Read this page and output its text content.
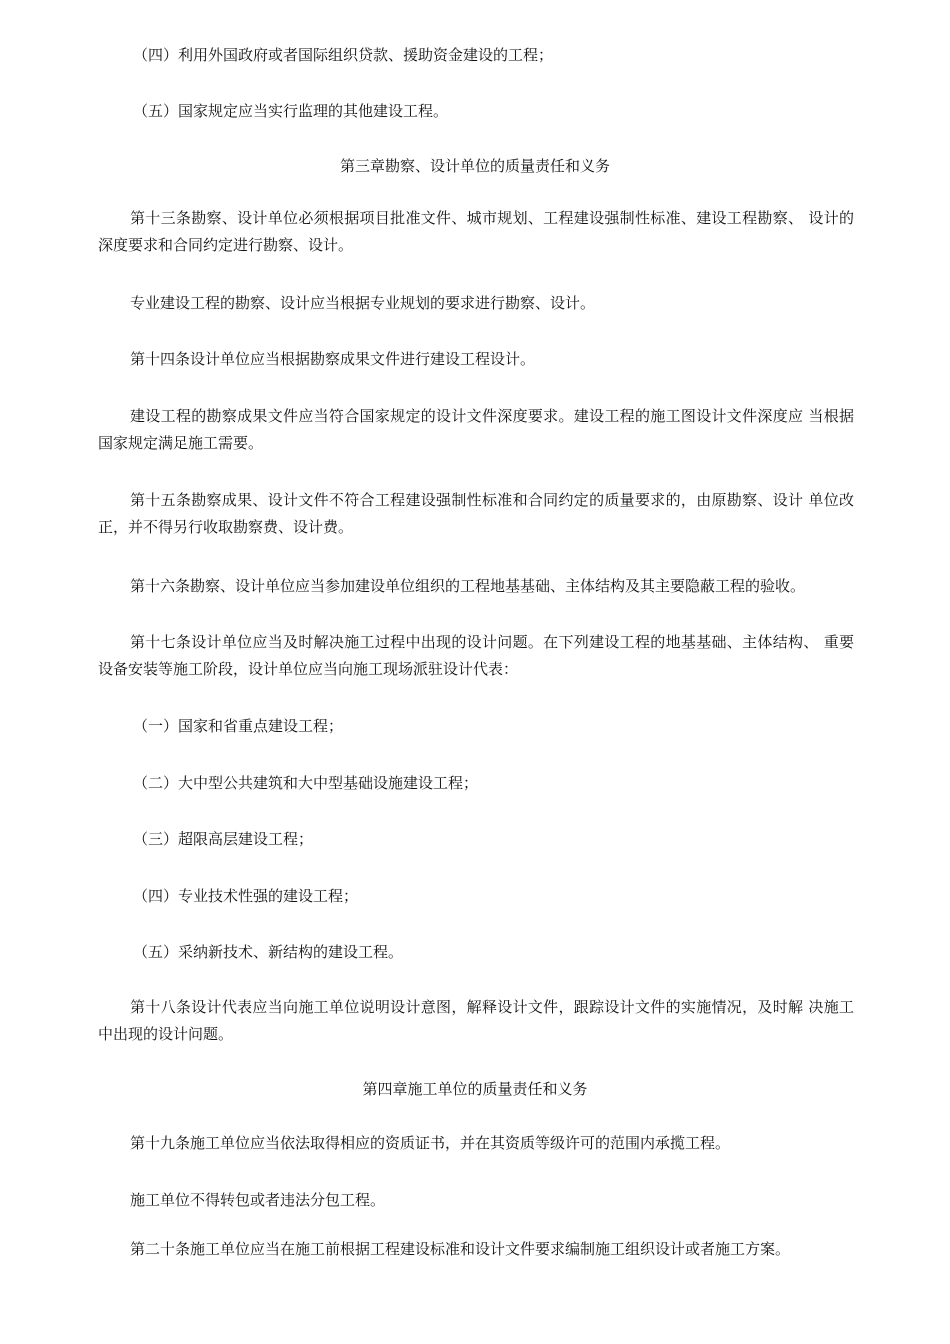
（四）利用外国政府或者国际组织贷款、援助资金建设的工程；

（五）国家规定应当实行监理的其他建设工程。

第三章勘察、设计单位的质量责任和义务

第十三条勘察、设计单位必须根据项目批准文件、城市规划、工程建设强制性标准、建设工程勘察、 设计的深度要求和合同约定进行勘察、设计。

专业建设工程的勘察、设计应当根据专业规划的要求进行勘察、设计。

第十四条设计单位应当根据勘察成果文件进行建设工程设计。

建设工程的勘察成果文件应当符合国家规定的设计文件深度要求。建设工程的施工图设计文件深度应 当根据国家规定满足施工需要。

第十五条勘察成果、设计文件不符合工程建设强制性标准和合同约定的质量要求的，由原勘察、设计 单位改正，并不得另行收取勘察费、设计费。

第十六条勘察、设计单位应当参加建设单位组织的工程地基基础、主体结构及其主要隐蔽工程的验收。

第十七条设计单位应当及时解决施工过程中出现的设计问题。在下列建设工程的地基基础、主体结构、 重要设备安装等施工阶段，设计单位应当向施工现场派驻设计代表：

（一）国家和省重点建设工程；

（二）大中型公共建筑和大中型基础设施建设工程；

（三）超限高层建设工程；

（四）专业技术性强的建设工程；

（五）采纳新技术、新结构的建设工程。

第十八条设计代表应当向施工单位说明设计意图，解释设计文件，跟踪设计文件的实施情况，及时解 决施工中出现的设计问题。

第四章施工单位的质量责任和义务

第十九条施工单位应当依法取得相应的资质证书，并在其资质等级许可的范围内承揽工程。

施工单位不得转包或者违法分包工程。

第二十条施工单位应当在施工前根据工程建设标准和设计文件要求编制施工组织设计或者施工方案。
